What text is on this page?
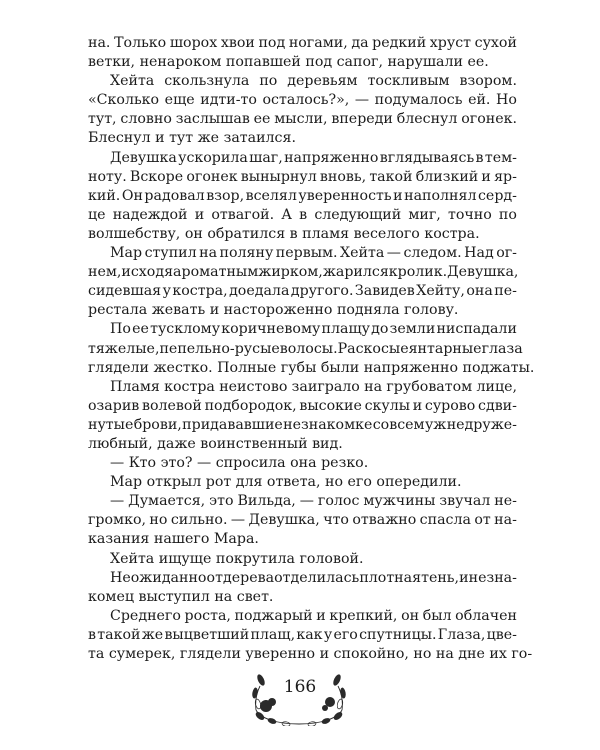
на. Только шорох хвои под ногами, да редкий хруст сухой
ветки, ненароком попавшей под сапог, нарушали ее.
Хейта скользнула по деревьям тоскливым взором.
«Сколько еще идти-то осталось?», — подумалось ей. Но
тут, словно заслышав ее мысли, впереди блеснул огонек.
Блеснул и тут же затаился.
Девушка ускорила шаг, напряженно вглядываясь в тем-
ноту. Вскоре огонек вынырнул вновь, такой близкий и яр-
кий. Он радовал взор, вселял уверенность и наполнял серд-
це надеждой и отвагой. А в следующий миг, точно по
волшебству, он обратился в пламя веселого костра.
Мар ступил на поляну первым. Хейта — следом. Над ог-
нем, исходя ароматным жирком, жарился кролик. Девушка,
сидевшая у костра, доедала другого. Завидев Хейту, она пе-
рестала жевать и настороженно подняла голову.
По ее тусклому коричневому плащу до земли ниспадали
тяжелые, пепельно-русые волосы. Раскосые янтарные глаза
глядели жестко. Полные губы были напряженно поджаты.
Пламя костра неистово заиграло на грубоватом лице,
озарив волевой подбородок, высокие скулы и сурово сдви-
нутые брови, придававшие незнакомке совсем уж недруже-
любный, даже воинственный вид.
— Кто это? — спросила она резко.
Мар открыл рот для ответа, но его опередили.
— Думается, это Вильда, — голос мужчины звучал не-
громко, но сильно. — Девушка, что отважно спасла от на-
казания нашего Мара.
Хейта ищуще покрутила головой.
Неожиданно от дерева отделилась плотная тень, и незна-
комец выступил на свет.
Среднего роста, поджарый и крепкий, он был облачен
в такой же выцветший плащ, как у его спутницы. Глаза, цве-
та сумерек, глядели уверенно и спокойно, но на дне их го-
166
